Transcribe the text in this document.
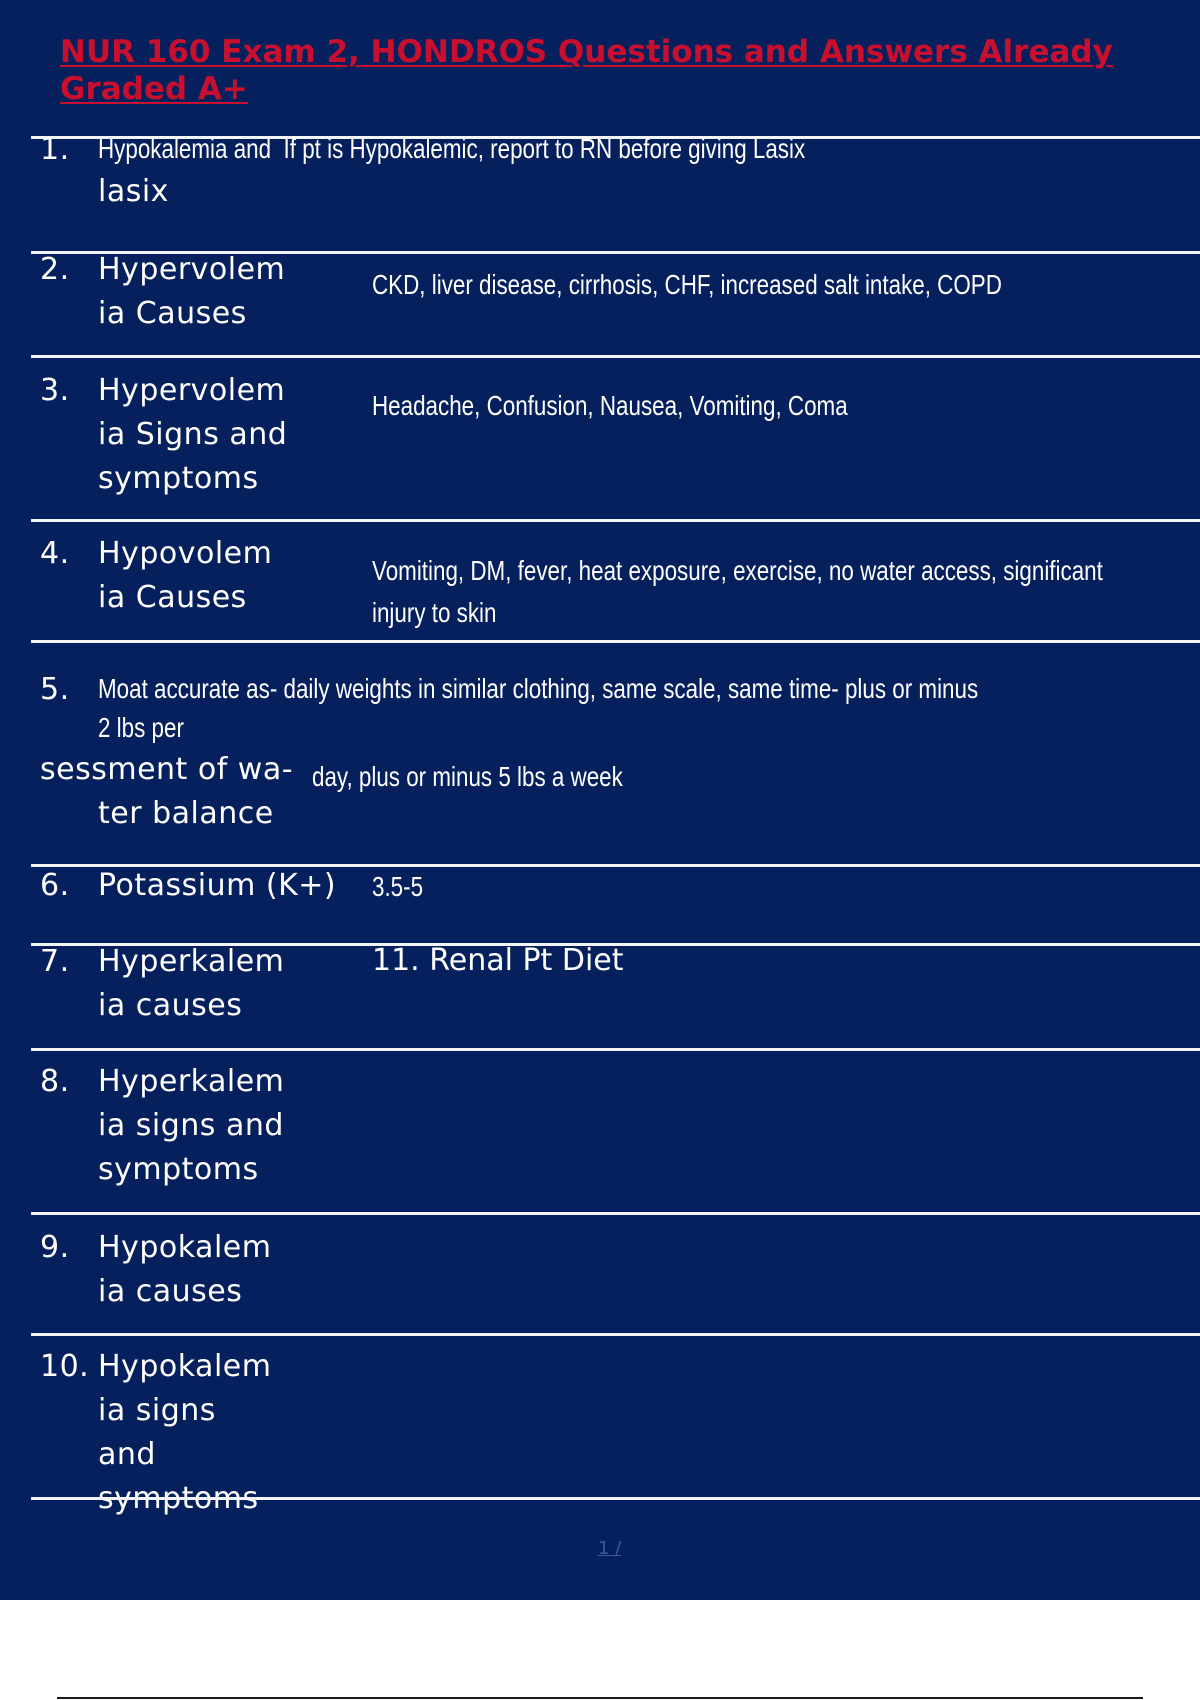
NUR 160 Exam 2, HONDROS Questions and Answers Already Graded A+
1. Hypokalemia and If pt is Hypokalemic, report to RN before giving Lasix
lasix
2. Hypervolem
ia Causes
CKD, liver disease, cirrhosis, CHF, increased salt intake, COPD
3. Hypervolem
ia Signs and
symptoms
Headache, Confusion, Nausea, Vomiting, Coma
4. Hypovolem
ia Causes
Vomiting, DM, fever, heat exposure, exercise, no water access, significant
injury to skin
5. Moat accurate as- daily weights in similar clothing, same scale, same time- plus or minus
2 lbs per
sessment of wa- day, plus or minus 5 lbs a week
ter balance
6. Potassium (K+) 3.5-5
7. Hyperkalem
ia causes
11. Renal Pt Diet
8. Hyperkalem
ia signs and
symptoms
9. Hypokalem
ia causes
10. Hypokalem
ia signs
and
symptoms
1 /
